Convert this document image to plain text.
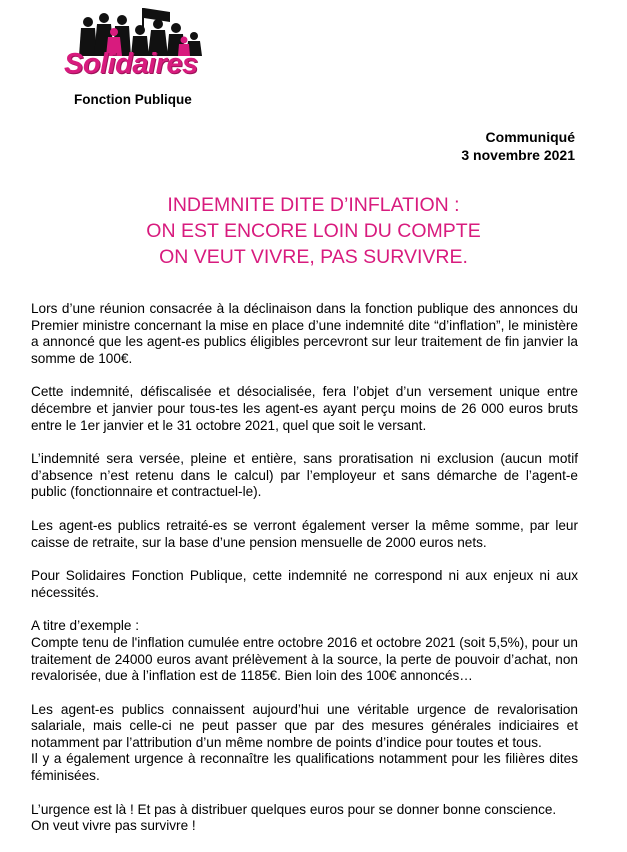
Solidaires
Fonction Publique
Communiqué
3 novembre 2021
INDEMNITE DITE D’INFLATION :
ON EST ENCORE LOIN DU COMPTE
ON VEUT VIVRE, PAS SURVIVRE.

Lors d’une réunion consacrée à la déclinaison dans la fonction publique des annonces du Premier ministre concernant la mise en place d’une indemnité dite “d’inflation”, le ministère a annoncé que les agent-es publics éligibles percevront sur leur traitement de fin janvier la somme de 100€.

Cette indemnité, défiscalisée et désocialisée, fera l’objet d’un versement unique entre décembre et janvier pour tous-tes les agent-es ayant perçu moins de 26 000 euros bruts entre le 1er janvier et le 31 octobre 2021, quel que soit le versant.

L’indemnité sera versée, pleine et entière, sans proratisation ni exclusion (aucun motif d’absence n’est retenu dans le calcul) par l’employeur et sans démarche de l’agent-e public (fonctionnaire et contractuel-le).

Les agent-es publics retraité-es se verront également verser la même somme, par leur caisse de retraite, sur la base d’une pension mensuelle de 2000 euros nets.

Pour Solidaires Fonction Publique, cette indemnité ne correspond ni aux enjeux ni aux nécessités.

A titre d’exemple :
Compte tenu de l'inflation cumulée entre octobre 2016 et octobre 2021 (soit 5,5%), pour un traitement de 24000 euros avant prélèvement à la source, la perte de pouvoir d’achat, non revalorisée, due à l’inflation est de 1185€. Bien loin des 100€ annoncés…

Les agent-es publics connaissent aujourd’hui une véritable urgence de revalorisation salariale, mais celle-ci ne peut passer que par des mesures générales indiciaires et notamment par l’attribution d’un même nombre de points d’indice pour toutes et tous.
Il y a également urgence à reconnaître les qualifications notamment pour les filières dites féminisées.

L’urgence est là ! Et pas à distribuer quelques euros pour se donner bonne conscience.
On veut vivre pas survivre !
